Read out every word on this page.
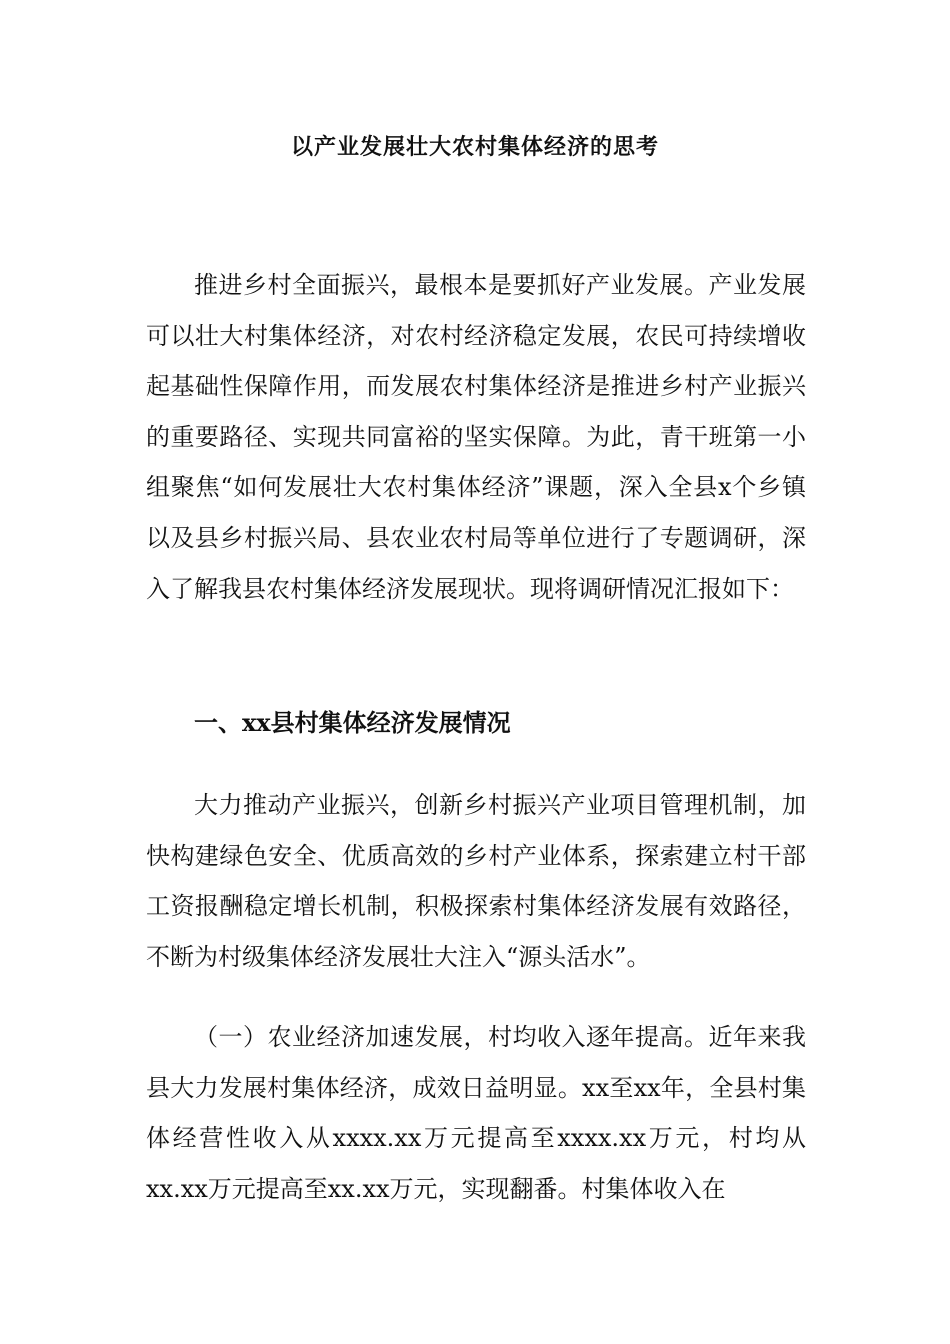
以产业发展壮大农村集体经济的思考

推进乡村全面振兴，最根本是要抓好产业发展。产业发展可以壮大村集体经济，对农村经济稳定发展，农民可持续增收起基础性保障作用，而发展农村集体经济是推进乡村产业振兴的重要路径、实现共同富裕的坚实保障。为此，青干班第一小组聚焦“如何发展壮大农村集体经济”课题，深入全县x个乡镇以及县乡村振兴局、县农业农村局等单位进行了专题调研，深入了解我县农村集体经济发展现状。现将调研情况汇报如下：

一、xx县村集体经济发展情况

大力推动产业振兴，创新乡村振兴产业项目管理机制，加快构建绿色安全、优质高效的乡村产业体系，探索建立村干部工资报酬稳定增长机制，积极探索村集体经济发展有效路径，不断为村级集体经济发展壮大注入“源头活水”。

（一）农业经济加速发展，村均收入逐年提高。近年来我县大力发展村集体经济，成效日益明显。xx至xx年，全县村集体经营性收入从xxxx.xx万元提高至xxxx.xx万元，村均从xx.xx万元提高至xx.xx万元，实现翻番。村集体收入在
